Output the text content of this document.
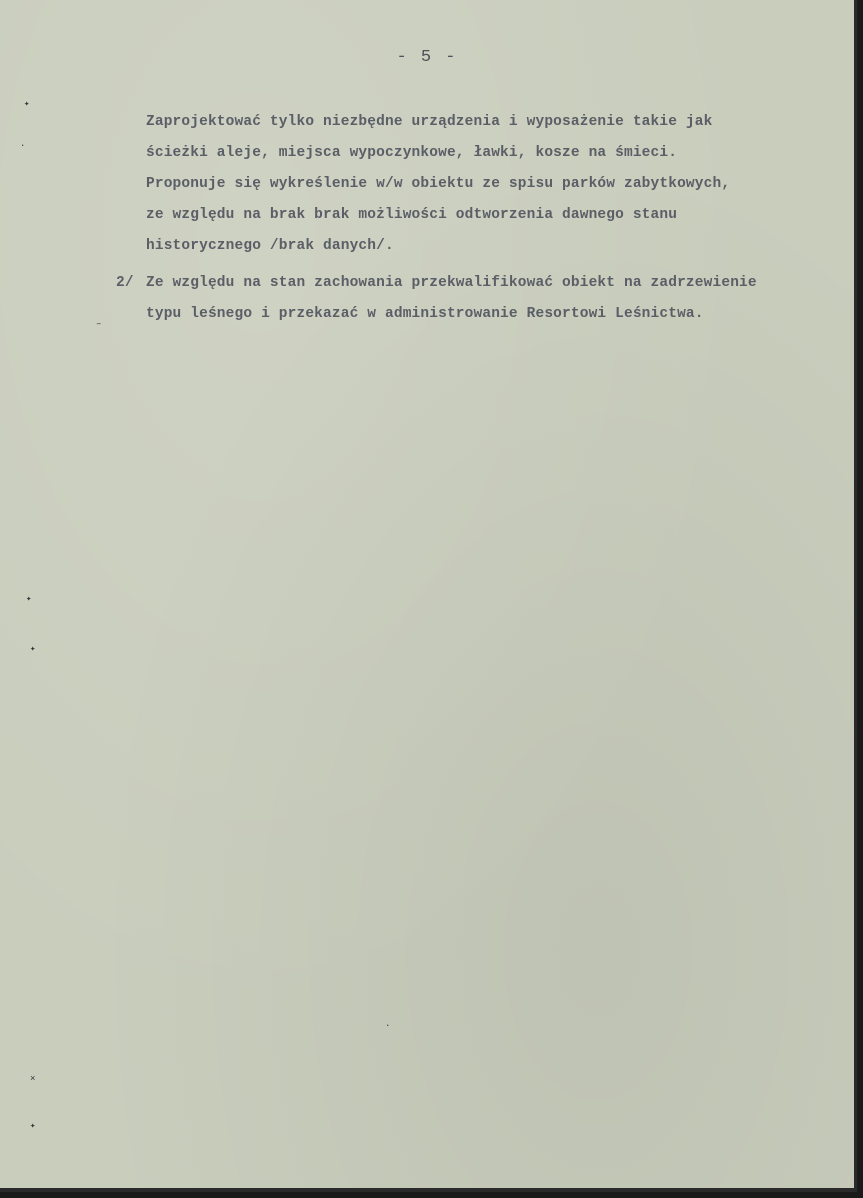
- 5 -
Zaprojektować tylko niezbędne urządzenia i wyposażenie takie jak
ścieżki aleje, miejsca wypoczynkowe, ławki, kosze na śmieci.
Proponuje się wykreślenie w/w obiektu ze spisu parków zabytkowych,
ze względu na brak brak możliwości odtworzenia dawnego stanu
historycznego /brak danych/.
2/ Ze względu na stan zachowania przekwalifikować obiekt na zadrzewienie
typu leśnego i przekazać w administrowanie Resortowi Leśnictwa.
✦
·
–
✦
✦
×
✦
·
